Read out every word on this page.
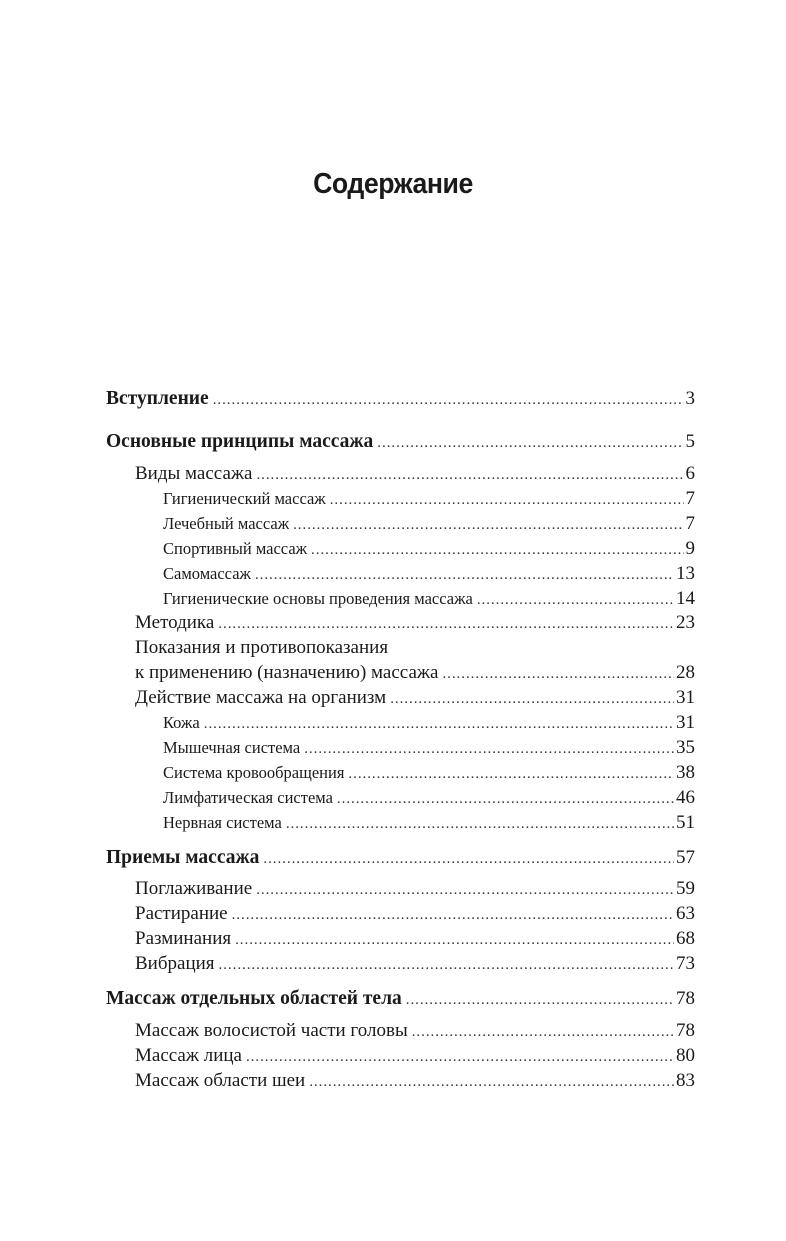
Содержание
Вступление . . .	3
Основные принципы массажа . . .	5
Виды массажа . . .	6
Гигиенический массаж . . .	7
Лечебный массаж . . .	7
Спортивный массаж . . .	9
Самомассаж . . .	13
Гигиенические основы проведения массажа . . .	14
Методика . . .	23
Показания и противопоказания
к применению (назначению) массажа . . .	28
Действие массажа на организм . . .	31
Кожа . . .	31
Мышечная система . . .	35
Система кровообращения . . .	38
Лимфатическая система . . .	46
Нервная система . . .	51
Приемы массажа . . .	57
Поглаживание . . .	59
Растирание . . .	63
Разминания . . .	68
Вибрация . . .	73
Массаж отдельных областей тела . . .	78
Массаж волосистой части головы . . .	78
Массаж лица . . .	80
Массаж области шеи . . .	83
